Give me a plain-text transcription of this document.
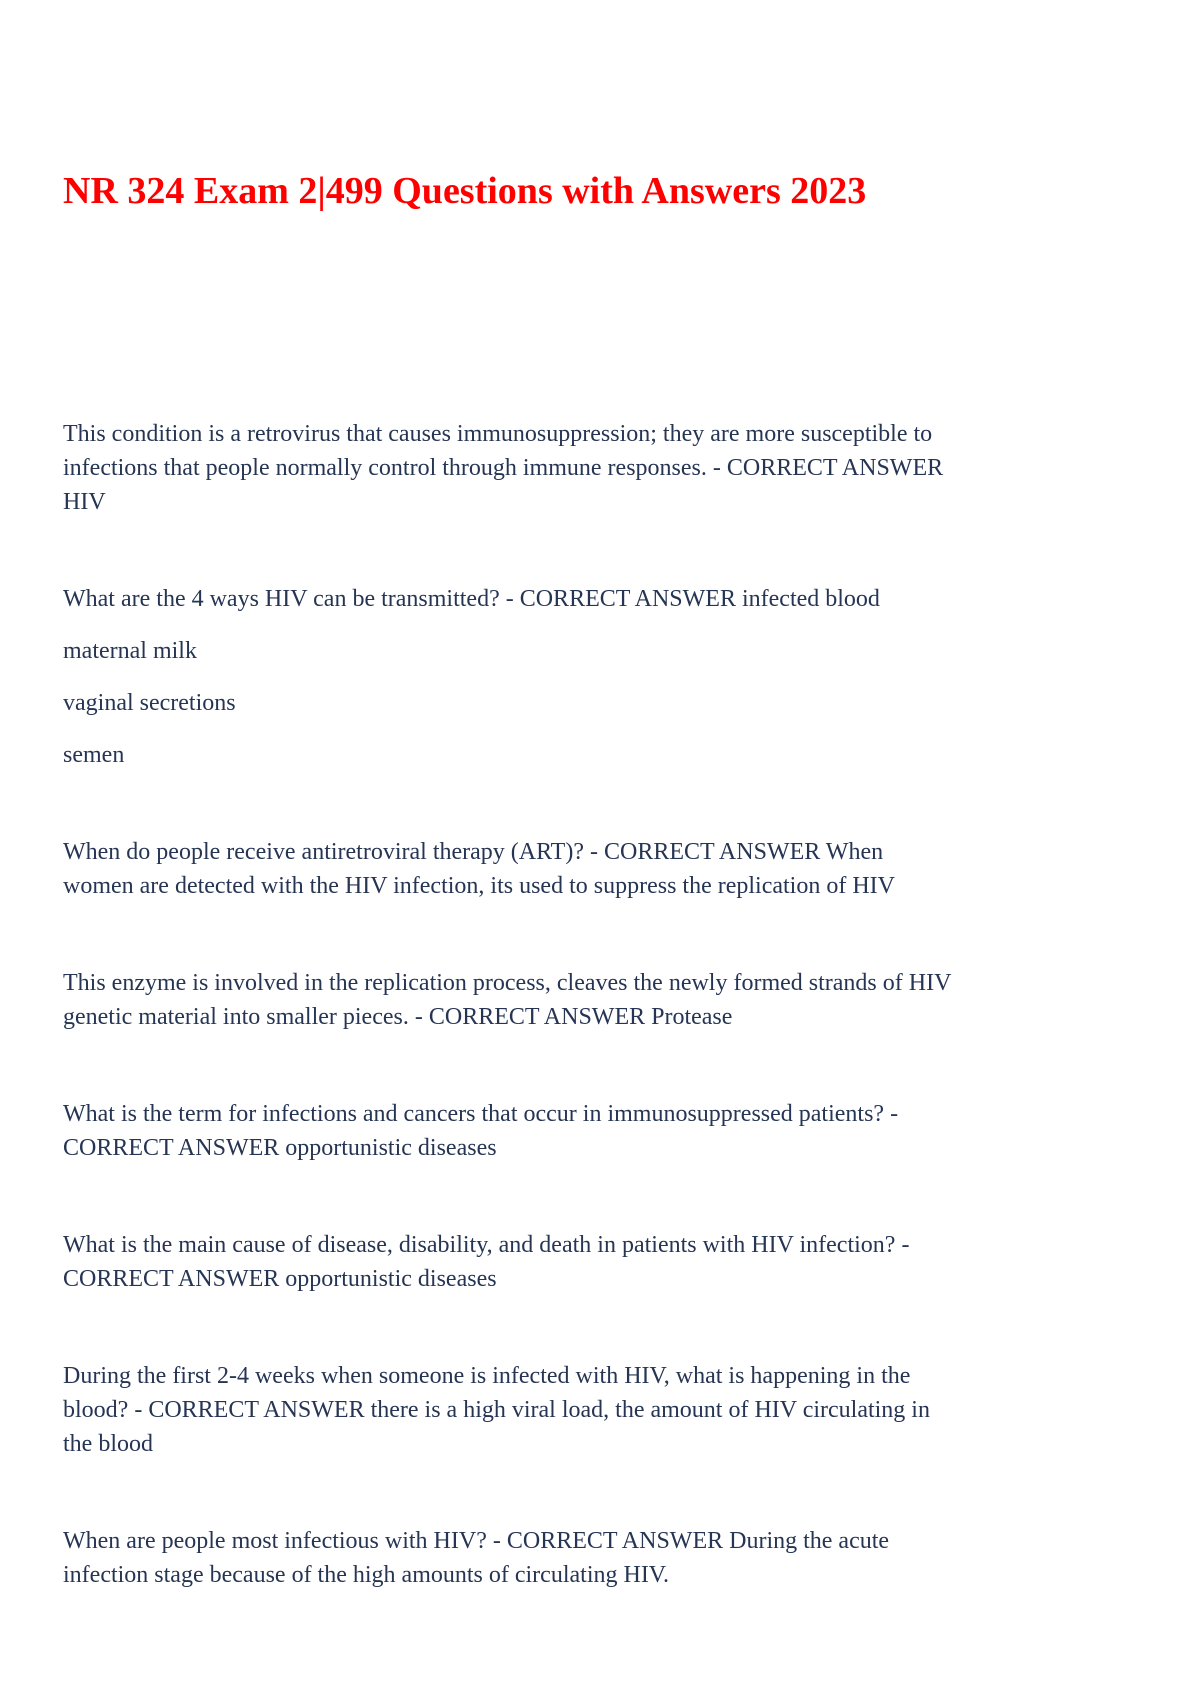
NR 324 Exam 2|499 Questions with Answers 2023

This condition is a retrovirus that causes immunosuppression; they are more susceptible to
infections that people normally control through immune responses. - CORRECT ANSWER
HIV

What are the 4 ways HIV can be transmitted? - CORRECT ANSWER infected blood

maternal milk

vaginal secretions

semen

When do people receive antiretroviral therapy (ART)? - CORRECT ANSWER When
women are detected with the HIV infection, its used to suppress the replication of HIV

This enzyme is involved in the replication process, cleaves the newly formed strands of HIV
genetic material into smaller pieces. - CORRECT ANSWER Protease

What is the term for infections and cancers that occur in immunosuppressed patients? -
CORRECT ANSWER opportunistic diseases

What is the main cause of disease, disability, and death in patients with HIV infection? -
CORRECT ANSWER opportunistic diseases

During the first 2-4 weeks when someone is infected with HIV, what is happening in the
blood? - CORRECT ANSWER there is a high viral load, the amount of HIV circulating in
the blood

When are people most infectious with HIV? - CORRECT ANSWER During the acute
infection stage because of the high amounts of circulating HIV.
